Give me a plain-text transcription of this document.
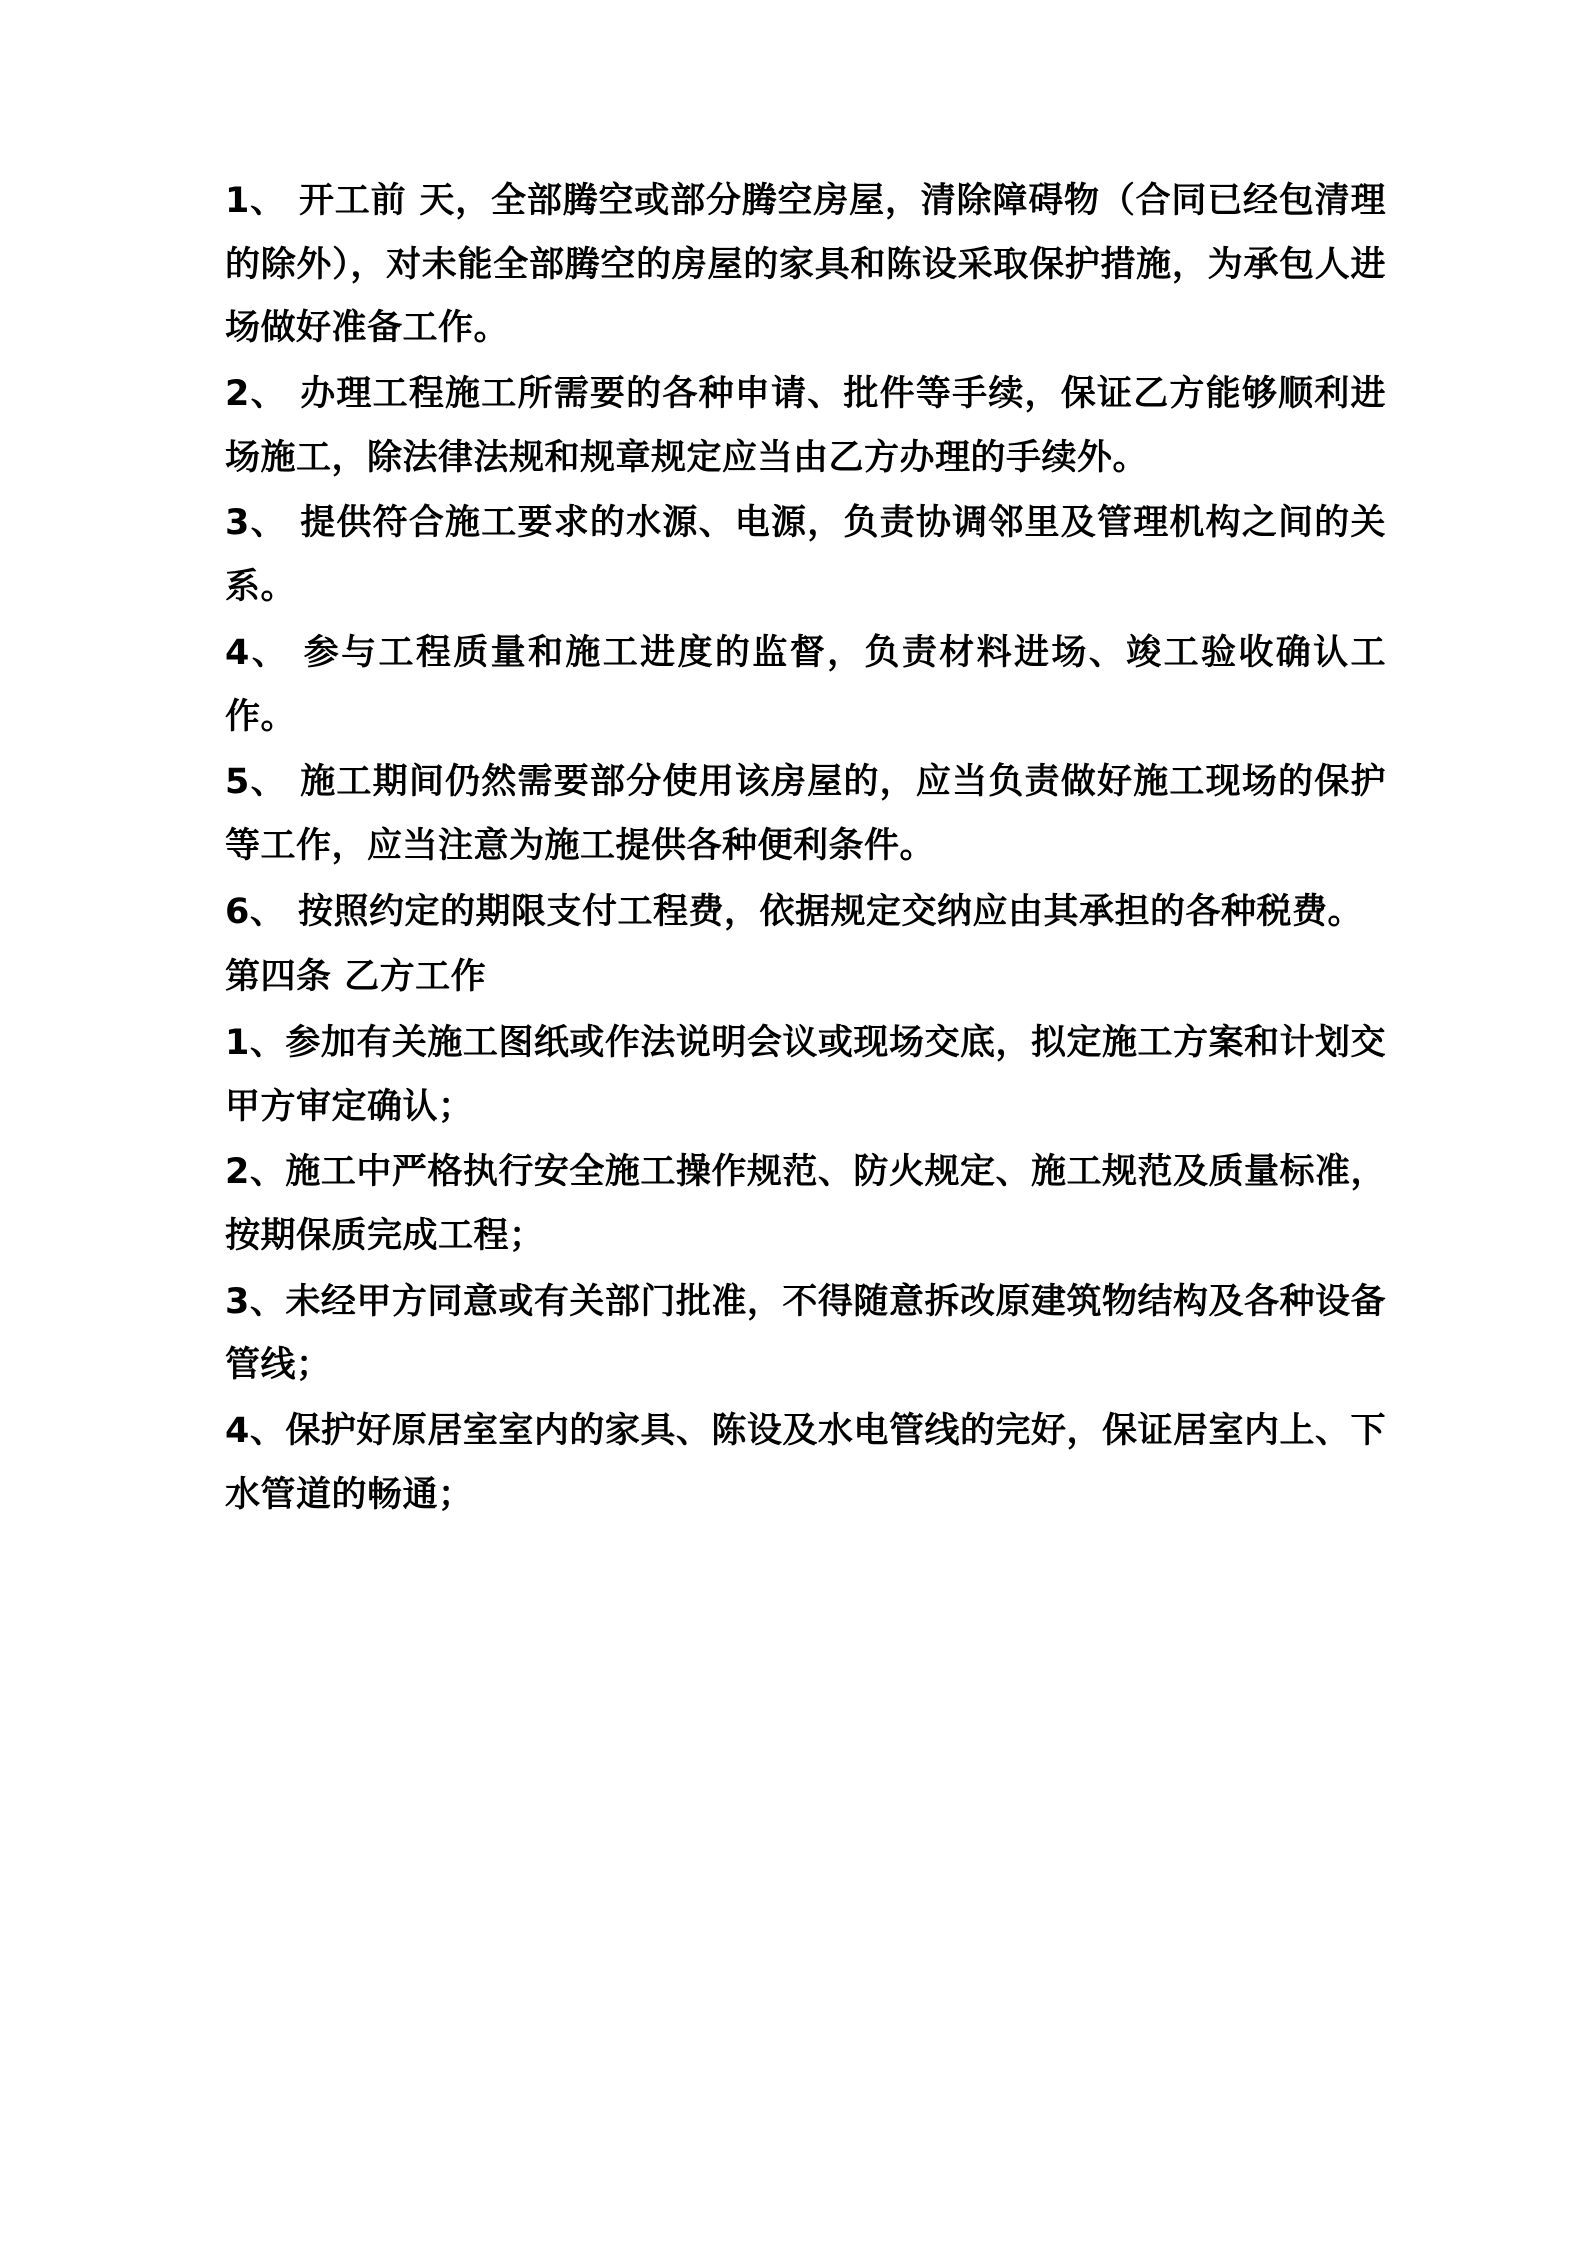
1、 开工前 天，全部腾空或部分腾空房屋，清除障碍物（合同已经包清理的除外），对未能全部腾空的房屋的家具和陈设采取保护措施，为承包人进场做好准备工作。

2、 办理工程施工所需要的各种申请、批件等手续，保证乙方能够顺利进场施工，除法律法规和规章规定应当由乙方办理的手续外。

3、 提供符合施工要求的水源、电源，负责协调邻里及管理机构之间的关系。

4、 参与工程质量和施工进度的监督，负责材料进场、竣工验收确认工作。

5、 施工期间仍然需要部分使用该房屋的，应当负责做好施工现场的保护等工作，应当注意为施工提供各种便利条件。

6、 按照约定的期限支付工程费，依据规定交纳应由其承担的各种税费。

第四条 乙方工作

1、参加有关施工图纸或作法说明会议或现场交底，拟定施工方案和计划交甲方审定确认；

2、施工中严格执行安全施工操作规范、防火规定、施工规范及质量标准，按期保质完成工程；

3、未经甲方同意或有关部门批准，不得随意拆改原建筑物结构及各种设备管线；

4、保护好原居室室内的家具、陈设及水电管线的完好，保证居室内上、下水管道的畅通；
